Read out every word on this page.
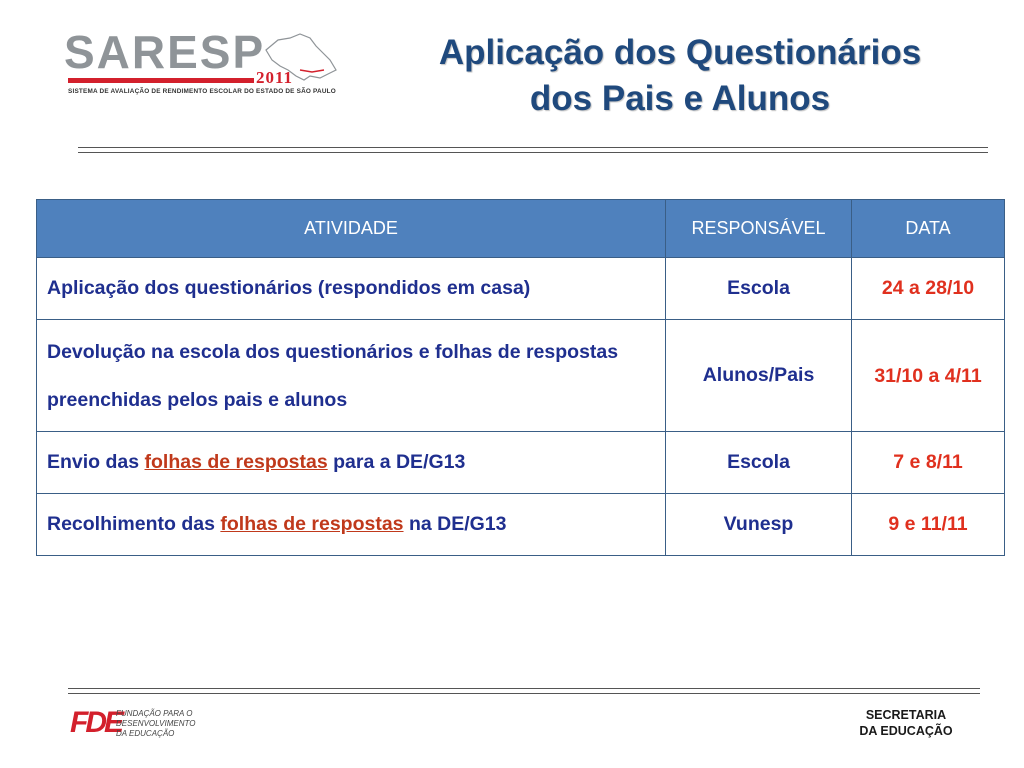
SARESP
2011
SISTEMA DE AVALIAÇÃO DE RENDIMENTO ESCOLAR DO ESTADO DE SÃO PAULO
Aplicação dos Questionários
dos Pais e Alunos
ATIVIDADE	RESPONSÁVEL	DATA
Aplicação dos questionários (respondidos em casa)	Escola	24 a 28/10
Devolução na escola dos questionários e folhas de respostas preenchidas pelos pais e alunos	Alunos/Pais	31/10 a 4/11
Envio das folhas de respostas para a DE/G13	Escola	7 e 8/11
Recolhimento das folhas de respostas na DE/G13	Vunesp	9 e 11/11
FDE
FUNDAÇÃO PARA O
DESENVOLVIMENTO
DA EDUCAÇÃO
SECRETARIA
DA EDUCAÇÃO
